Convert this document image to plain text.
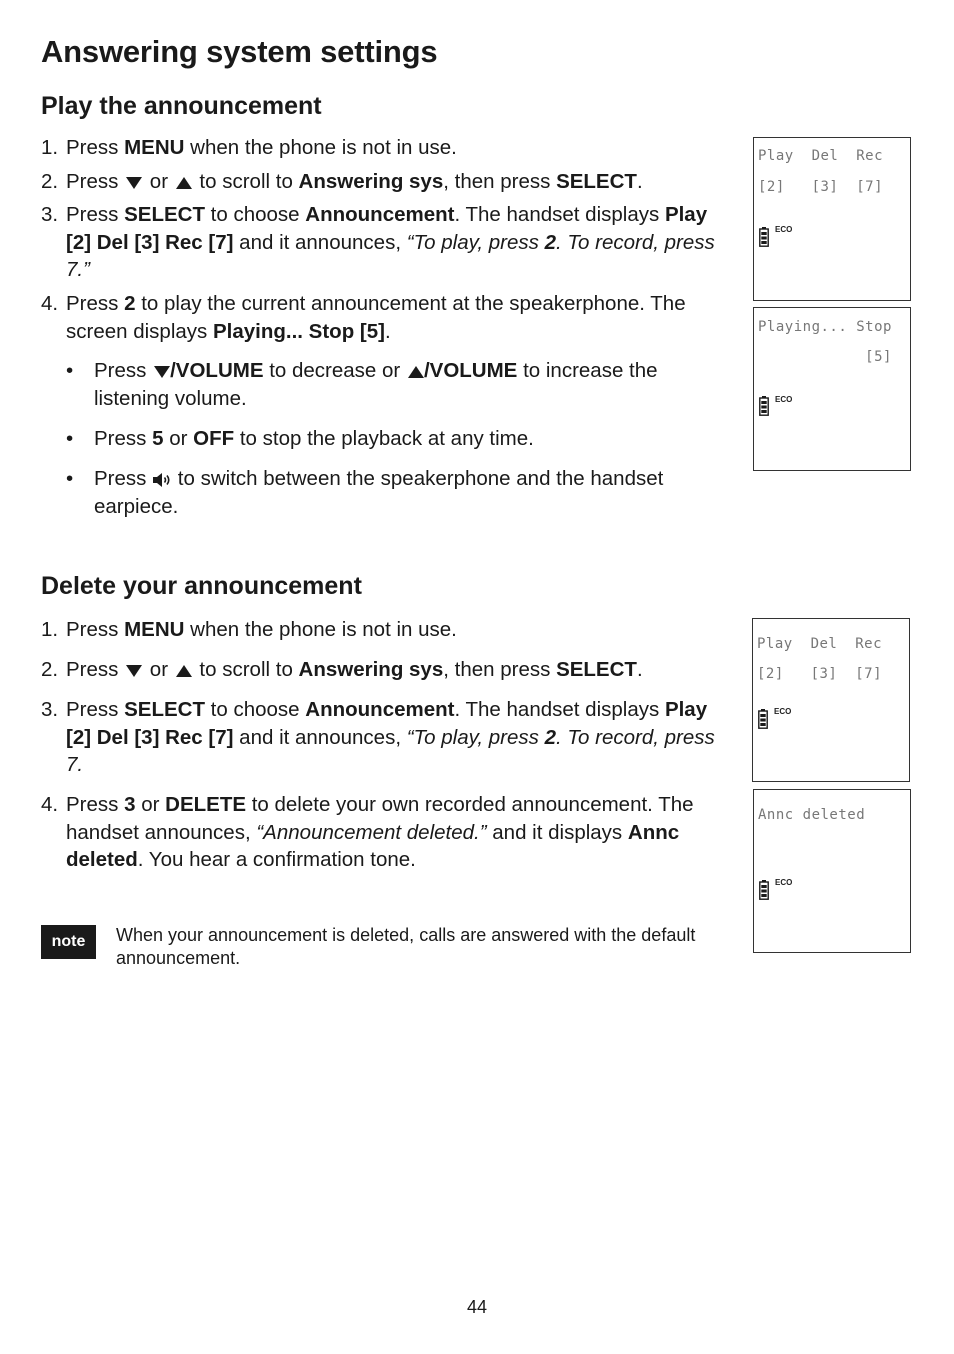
Answering system settings
Play the announcement
1. Press MENU when the phone is not in use.
2. Press  or  to scroll to Answering sys, then press SELECT.
3. Press SELECT to choose Announcement. The handset displays Play [2] Del [3] Rec [7] and it announces, “To play, press 2. To record, press 7.”
4. Press 2 to play the current announcement at the speakerphone. The screen displays Playing... Stop [5].
• Press /VOLUME to decrease or /VOLUME to increase the listening volume.
• Press 5 or OFF to stop the playback at any time.
• Press  to switch between the speakerphone and the handset earpiece.
Delete your announcement
1. Press MENU when the phone is not in use.
2. Press  or  to scroll to Answering sys, then press SELECT.
3. Press SELECT to choose Announcement. The handset displays Play [2] Del [3] Rec [7] and it announces, “To play, press 2. To record, press 7.
4. Press 3 or DELETE to delete your own recorded announcement. The handset announces, “Announcement deleted.” and it displays Annc deleted. You hear a confirmation tone.
Play  Del  Rec
[2]   [3]  [7]
ECO
Playing... Stop
[5]
ECO
Play  Del  Rec
[2]   [3]  [7]
ECO
Annc deleted
ECO
note	When your announcement is deleted, calls are answered with the default announcement.
44
